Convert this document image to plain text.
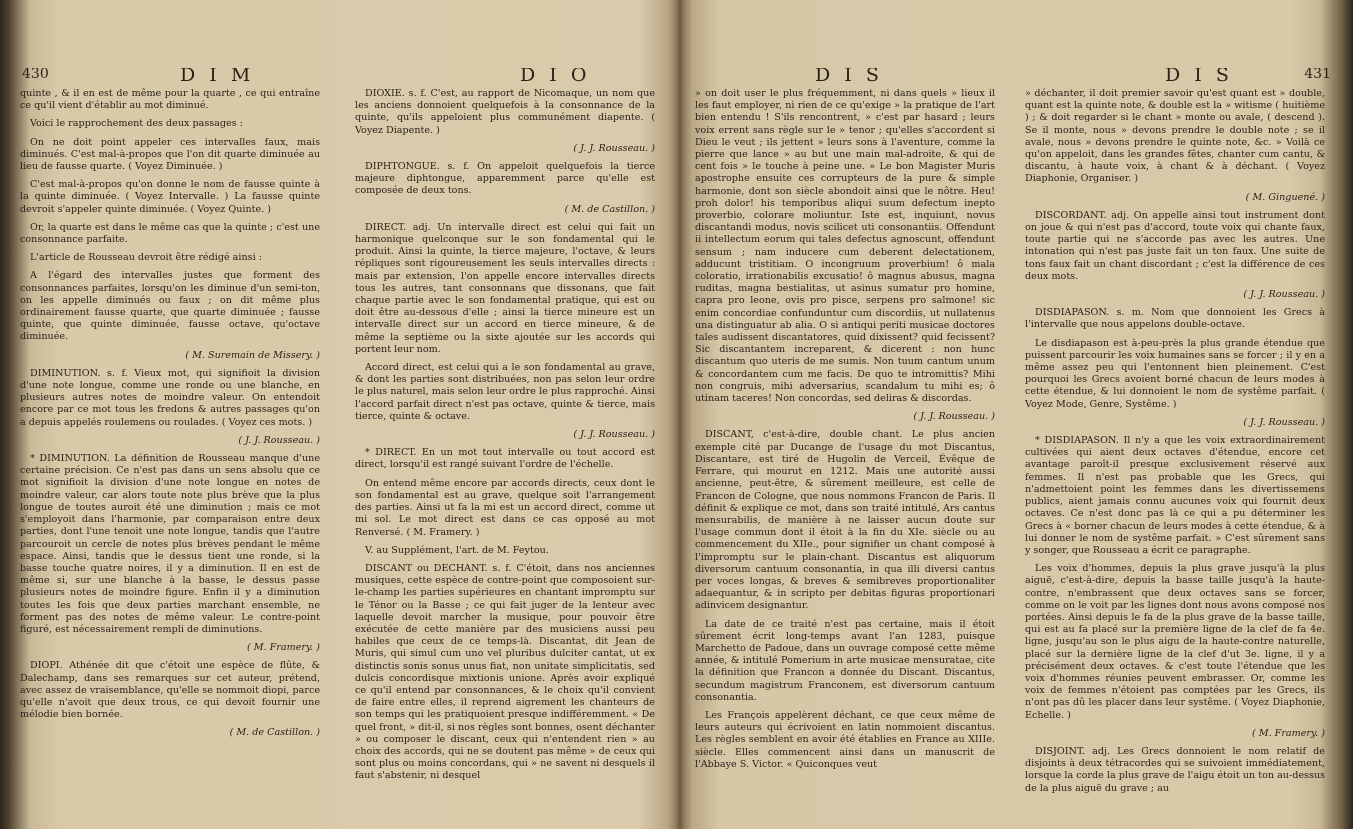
430	D I M	D I O

quinte , & il en est de même pour la quarte , ce qui entraîne ce qu'il vient d'établir au mot diminué.

Voici le rapprochement des deux passages :

On ne doit point appeler ces intervalles faux, mais diminués. C'est mal-à-propos que l'on dit quarte diminuée au lieu de fausse quarte. ( Voyez Diminuée. )

C'est mal-à-propos qu'on donne le nom de fausse quinte à la quinte diminuée. ( Voyez Intervalle. ) La fausse quinte devroit s'appeler quinte diminuée. ( Voyez Quinte. )

Or, la quarte est dans le même cas que la quinte ; c'est une consonnance parfaite.

L'article de Rousseau devroit être rédigé ainsi :

A l'égard des intervalles justes que forment des consonnances parfaites, lorsqu'on les diminue d'un semi-ton, on les appelle diminués ou faux ; on dit même plus ordinairement fausse quarte, que quarte diminuée ; fausse quinte, que quinte diminuée, fausse octave, qu'octave diminuée.

( M. Suremain de Missery. )

DIMINUTION. s. f. Vieux mot, qui signifioit la division d'une note longue, comme une ronde ou une blanche, en plusieurs autres notes de moindre valeur. On entendoit encore par ce mot tous les fredons & autres passages qu'on a depuis appelés roulemens ou roulades. ( Voyez ces mots. )

( J. J. Rousseau. )

* DIMINUTION. La définition de Rousseau manque d'une certaine précision. Ce n'est pas dans un sens absolu que ce mot signifioit la division d'une note longue en notes de moindre valeur, car alors toute note plus brève que la plus longue de toutes auroit été une diminution ; mais ce mot s'employoit dans l'harmonie, par comparaison entre deux parties, dont l'une tenoit une note longue, tandis que l'autre parcouroit un cercle de notes plus brèves pendant le même espace. Ainsi, tandis que le dessus tient une ronde, si la basse touche quatre noires, il y a diminution. Il en est de même si, sur une blanche à la basse, le dessus passe plusieurs notes de moindre figure. Enfin il y a diminution toutes les fois que deux parties marchant ensemble, ne forment pas des notes de même valeur. Le contre-point figuré, est nécessairement rempli de diminutions.

( M. Framery. )

DIOPI. Athénée dit que c'étoit une espèce de flûte, & Dalechamp, dans ses remarques sur cet auteur, prétend, avec assez de vraisemblance, qu'elle se nommoit diopi, parce qu'elle n'avoit que deux trous, ce qui devoit fournir une mélodie bien bornée.

( M. de Castillon. )

DIOXIE. s. f. C'est, au rapport de Nicomaque, un nom que les anciens donnoient quelquefois à la consonnance de la quinte, qu'ils appeloient plus communément diapente. ( Voyez Diapente. )

( J. J. Rousseau. )

DIPHTONGUE. s. f. On appeloit quelquefois la tierce majeure diphtongue, apparemment parce qu'elle est composée de deux tons.

( M. de Castillon. )

DIRECT. adj. Un intervalle direct est celui qui fait un harmonique quelconque sur le son fondamental qui le produit. Ainsi la quinte, la tierce majeure, l'octave, & leurs répliques sont rigoureusement les seuls intervalles directs : mais par extension, l'on appelle encore intervalles directs tous les autres, tant consonnans que dissonans, que fait chaque partie avec le son fondamental pratique, qui est ou doit être au-dessous d'elle ; ainsi la tierce mineure est un intervalle direct sur un accord en tierce mineure, & de même la septième ou la sixte ajoutée sur les accords qui portent leur nom.

Accord direct, est celui qui a le son fondamental au grave, & dont les parties sont distribuées, non pas selon leur ordre le plus naturel, mais selon leur ordre le plus rapproché. Ainsi l'accord parfait direct n'est pas octave, quinte & tierce, mais tierce, quinte & octave.

( J. J. Rousseau. )

* DIRECT. En un mot tout intervalle ou tout accord est direct, lorsqu'il est rangé suivant l'ordre de l'échelle.

On entend même encore par accords directs, ceux dont le son fondamental est au grave, quelque soit l'arrangement des parties. Ainsi ut fa la mi est un accord direct, comme ut mi sol. Le mot direct est dans ce cas opposé au mot Renversé. ( M. Framery. )

V. au Supplément, l'art. de M. Feytou.

DISCANT ou DECHANT. s. f. C'étoit, dans nos anciennes musiques, cette espèce de contre-point que composoient sur-le-champ les parties supérieures en chantant impromptu sur le Ténor ou la Basse ; ce qui fait juger de la lenteur avec laquelle devoit marcher la musique, pour pouvoir être exécutée de cette manière par des musiciens aussi peu habiles que ceux de ce temps-là. Discantat, dit Jean de Muris, qui simul cum uno vel pluribus dulciter cantat, ut ex distinctis sonis sonus unus fiat, non unitate simplicitatis, sed dulcis concordisque mixtionis unione. Après avoir expliqué ce qu'il entend par consonnances, & le choix qu'il convient de faire entre elles, il reprend aigrement les chanteurs de son temps qui les pratiquoient presque indifféremment. « De quel front, » dit-il, si nos règles sont bonnes, osent déchanter » ou composer le discant, ceux qui n'entendent rien » au choix des accords, qui ne se doutent pas même » de ceux qui sont plus ou moins concordans, qui » ne savent ni desquels il faut s'abstenir, ni desquel

D I S	D I S	431

» on doit user le plus fréquemment, ni dans quels » lieux il les faut employer, ni rien de ce qu'exige » la pratique de l'art bien entendu ! S'ils rencontrent, » c'est par hasard ; leurs voix errent sans règle sur le » tenor ; qu'elles s'accordent si Dieu le veut ; ils jettent » leurs sons à l'aventure, comme la pierre que lance » au but une main mal-adroite, & qui de cent fois » le touche à peine une. » Le bon Magister Muris apostrophe ensuite ces corrupteurs de la pure & simple harmonie, dont son siècle abondoit ainsi que le nôtre. Heu! proh dolor! his temporibus aliqui suum defectum inepto proverbio, colorare moliuntur. Iste est, inquiunt, novus discantandi modus, novis scilicet uti consonantiis. Offendunt ii intellectum eorum qui tales defectus agnoscunt, offendunt sensum ; nam inducere cum deberent delectationem, adducunt tristitiam. O incongruum proverbium! ô mala coloratio, irrationabilis excusatio! ô magnus abusus, magna ruditas, magna bestialitas, ut asinus sumatur pro homine, capra pro leone, ovis pro pisce, serpens pro salmone! sic enim concordiae confunduntur cum discordiis, ut nullatenus una distinguatur ab alia. O si antiqui periti musicae doctores tales audissent discantatores, quid dixissent? quid fecissent? Sic discantantem increparent, & dicerent : non hunc discantum quo uteris de me sumis. Non tuum cantum unum & concordantem cum me facis. De quo te intromittis? Mihi non congruis, mihi adversarius, scandalum tu mihi es; ô utinam taceres! Non concordas, sed deliras & discordas.

( J. J. Rousseau. )

DISCANT, c'est-à-dire, double chant. Le plus ancien exemple cité par Ducange de l'usage du mot Discantus, Discantare, est tiré de Hugolin de Verceil, Évêque de Ferrare, qui mourut en 1212. Mais une autorité aussi ancienne, peut-être, & sûrement meilleure, est celle de Francon de Cologne, que nous nommons Francon de Paris. Il définit & explique ce mot, dans son traité intitulé, Ars cantus mensurabilis, de manière à ne laisser aucun doute sur l'usage commun dont il étoit à la fin du XIe. siècle ou au commencement du XIIe., pour signifier un chant composé à l'impromptu sur le plain-chant. Discantus est aliquorum diversorum cantuum consonantia, in qua illi diversi cantus per voces longas, & breves & semibreves proportionaliter adaequantur, & in scripto per debitas figuras proportionari adinvicem designantur.

La date de ce traité n'est pas certaine, mais il étoit sûrement écrit long-temps avant l'an 1283, puisque Marchetto de Padoue, dans un ouvrage composé cette même année, & intitulé Pomerium in arte musicae mensuratae, cite la définition que Francon a donnée du Discant. Discantus, secundum magistrum Franconem, est diversorum cantuum consonantia.

Les François appelèrent déchant, ce que ceux même de leurs auteurs qui écrivoient en latin nommoient discantus. Les règles semblent en avoir été établies en France au XIIIe. siècle. Elles commencent ainsi dans un manuscrit de l'Abbaye S. Victor. « Quiconques veut

» déchanter, il doit premier savoir qu'est quant est » double, quant est la quinte note, & double est la » witisme ( huitième ) ; & doit regarder si le chant » monte ou avale, ( descend ). Se il monte, nous » devons prendre le double note ; se il avale, nous » devons prendre le quinte note, &c. » Voilà ce qu'on appeloit, dans les grandes fêtes, chanter cum cantu, & discantu, à haute voix, à chant & à déchant. ( Voyez Diaphonie, Organiser. )

( M. Ginguené. )

DISCORDANT. adj. On appelle ainsi tout instrument dont on joue & qui n'est pas d'accord, toute voix qui chante faux, toute partie qui ne s'accorde pas avec les autres. Une intonation qui n'est pas juste fait un ton faux. Une suite de tons faux fait un chant discordant ; c'est la différence de ces deux mots.

( J. J. Rousseau. )

DISDIAPASON. s. m. Nom que donnoient les Grecs à l'intervalle que nous appelons double-octave.

Le disdiapason est à-peu-près la plus grande étendue que puissent parcourir les voix humaines sans se forcer ; il y en a même assez peu qui l'entonnent bien pleinement. C'est pourquoi les Grecs avoient borné chacun de leurs modes à cette étendue, & lui donnoient le nom de systême parfait. ( Voyez Mode, Genre, Systême. )

( J. J. Rousseau. )

* DISDIAPASON. Il n'y a que les voix extraordinairement cultivées qui aient deux octaves d'étendue, encore cet avantage paroît-il presque exclusivement réservé aux femmes. Il n'est pas probable que les Grecs, qui n'admettoient point les femmes dans les divertissemens publics, aient jamais connu aucunes voix qui fournit deux octaves. Ce n'est donc pas là ce qui a pu déterminer les Grecs à « borner chacun de leurs modes à cette étendue, & à lui donner le nom de systême parfait. » C'est sûrement sans y songer, que Rousseau a écrit ce paragraphe.

Les voix d'hommes, depuis la plus grave jusqu'à la plus aiguë, c'est-à-dire, depuis la basse taille jusqu'à la haute-contre, n'embrassent que deux octaves sans se forcer, comme on le voit par les lignes dont nous avons composé nos portées. Ainsi depuis le fa de la plus grave de la basse taille, qui est au fa placé sur la première ligne de la clef de fa 4e. ligne, jusqu'au son le plus aigu de la haute-contre naturelle, placé sur la dernière ligne de la clef d'ut 3e. ligne, il y a précisément deux octaves. & c'est toute l'étendue que les voix d'hommes réunies peuvent embrasser. Or, comme les voix de femmes n'étoient pas comptées par les Grecs, ils n'ont pas dû les placer dans leur systême. ( Voyez Diaphonie, Echelle. )

( M. Framery. )

DISJOINT. adj. Les Grecs donnoient le nom relatif de disjoints à deux tétracordes qui se suivoient immédiatement, lorsque la corde la plus grave de l'aigu étoit un ton au-dessus de la plus aiguë du grave ; au
